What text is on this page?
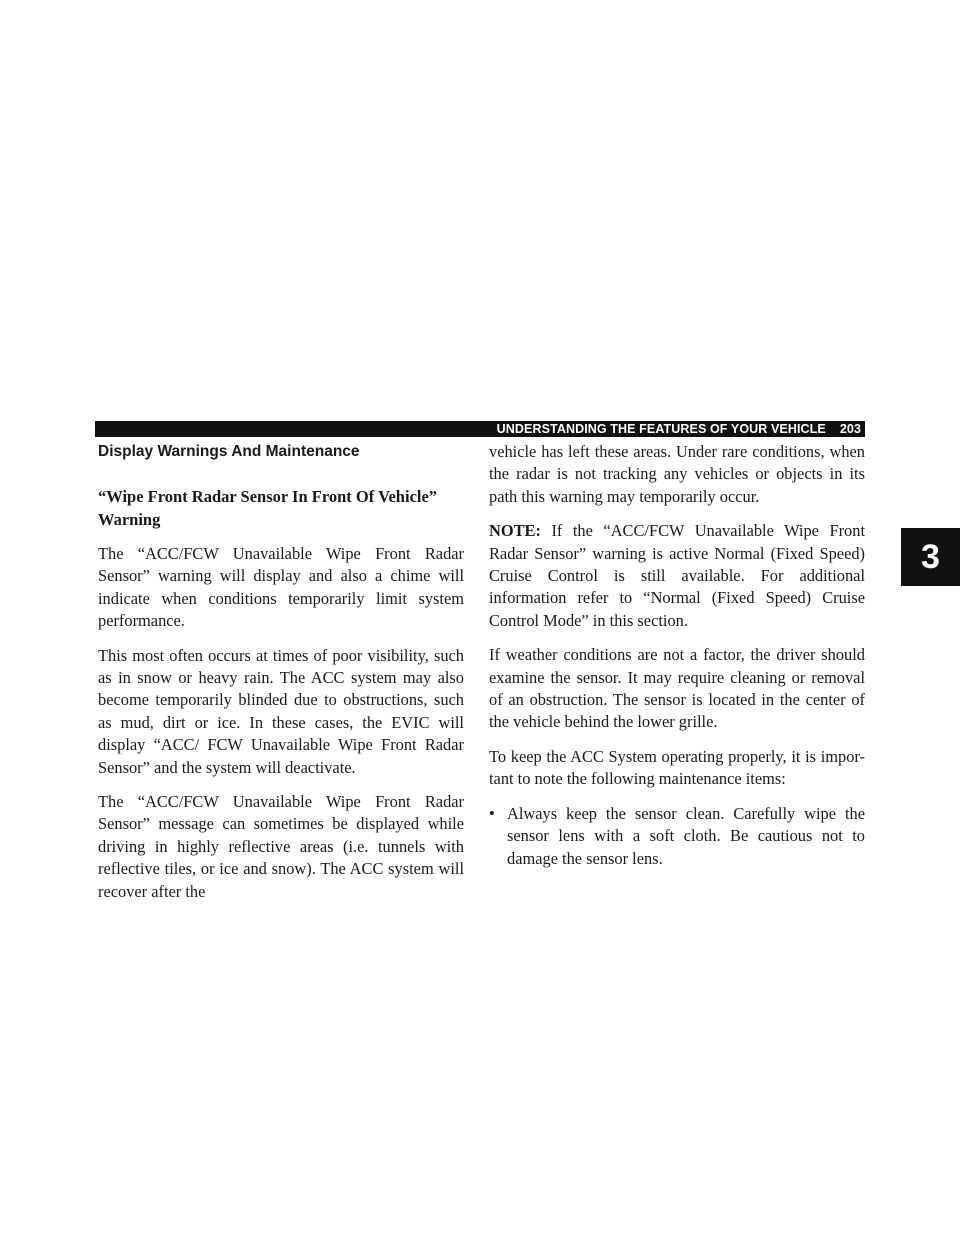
UNDERSTANDING THE FEATURES OF YOUR VEHICLE 203
3
Display Warnings And Maintenance
“Wipe Front Radar Sensor In Front Of Vehicle” Warning

The “ACC/FCW Unavailable Wipe Front Radar Sensor” warning will display and also a chime will indicate when conditions temporarily limit system performance.

This most often occurs at times of poor visibility, such as in snow or heavy rain. The ACC system may also become temporarily blinded due to obstructions, such as mud, dirt or ice. In these cases, the EVIC will display “ACC/ FCW Unavailable Wipe Front Radar Sensor” and the system will deactivate.

The “ACC/FCW Unavailable Wipe Front Radar Sensor” message can sometimes be displayed while driving in highly reflective areas (i.e. tunnels with reflective tiles, or ice and snow). The ACC system will recover after the

vehicle has left these areas. Under rare conditions, when the radar is not tracking any vehicles or objects in its path this warning may temporarily occur.

NOTE: If the “ACC/FCW Unavailable Wipe Front Radar Sensor” warning is active Normal (Fixed Speed) Cruise Control is still available. For additional information refer to “Normal (Fixed Speed) Cruise Control Mode” in this section.

If weather conditions are not a factor, the driver should examine the sensor. It may require cleaning or removal of an obstruction. The sensor is located in the center of the vehicle behind the lower grille.

To keep the ACC System operating properly, it is impor- tant to note the following maintenance items:

• Always keep the sensor clean. Carefully wipe the sensor lens with a soft cloth. Be cautious not to damage the sensor lens.
